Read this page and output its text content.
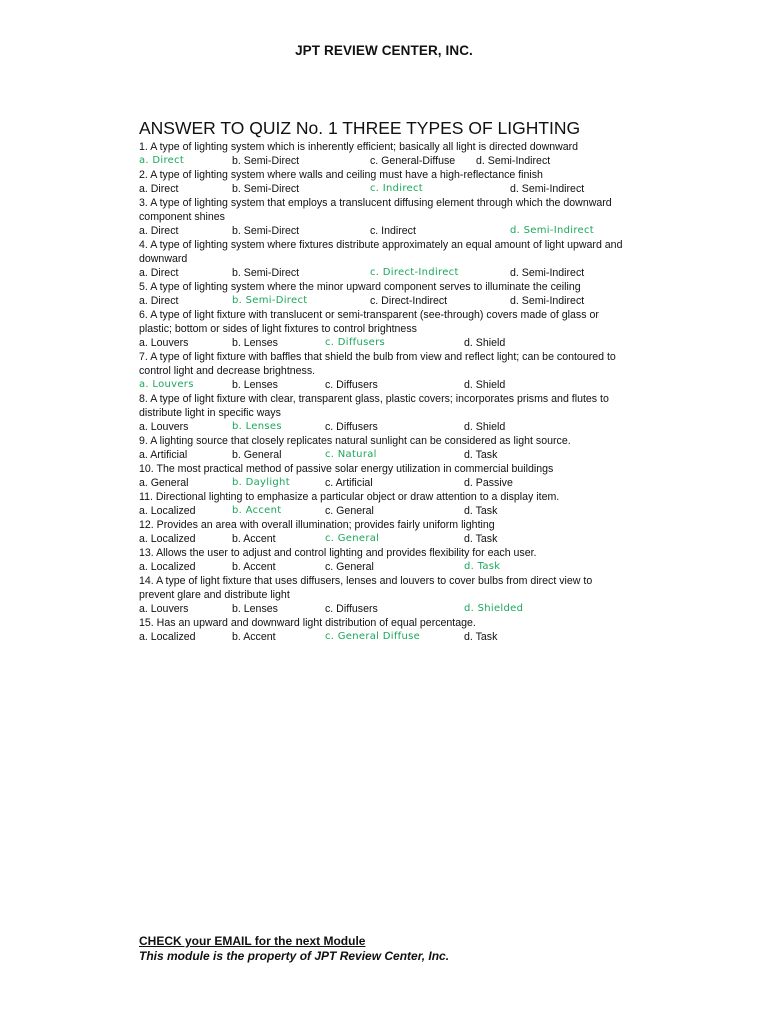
JPT REVIEW CENTER, INC.
ANSWER TO QUIZ No. 1 THREE TYPES OF LIGHTING
1. A type of lighting system which is inherently efficient; basically all light is directed downward
a. Direct	b. Semi-Direct	c. General-Diffuse d. Semi-Indirect
2. A type of lighting system where walls and ceiling must have a high-reflectance finish
a. Direct	b. Semi-Direct	c. Indirect	d. Semi-Indirect
3. A type of lighting system that employs a translucent diffusing element through which the downward component shines
a. Direct	b. Semi-Direct	c. Indirect	d. Semi-Indirect
4. A type of lighting system where fixtures distribute approximately an equal amount of light upward and downward
a. Direct	b. Semi-Direct	c. Direct-Indirect	d. Semi-Indirect
5. A type of lighting system where the minor upward component serves to illuminate the ceiling
a. Direct	b. Semi-Direct	c. Direct-Indirect	d. Semi-Indirect
6. A type of light fixture with translucent or semi-transparent (see-through) covers made of glass or plastic; bottom or sides of light fixtures to control brightness
a. Louvers	b. Lenses	c. Diffusers	d. Shield
7. A type of light fixture with baffles that shield the bulb from view and reflect light; can be contoured to control light and decrease brightness.
a. Louvers	b. Lenses	c. Diffusers	d. Shield
8. A type of light fixture with clear, transparent glass, plastic covers; incorporates prisms and flutes to distribute light in specific ways
a. Louvers	b. Lenses	c. Diffusers	d. Shield
9. A lighting source that closely replicates natural sunlight can be considered as light source.
a. Artificial	b. General	c. Natural	d. Task
10. The most practical method of passive solar energy utilization in commercial buildings
a. General	b. Daylight	c. Artificial	d. Passive
11. Directional lighting to emphasize a particular object or draw attention to a display item.
a. Localized	b. Accent	c. General	d. Task
12. Provides an area with overall illumination; provides fairly uniform lighting
a. Localized	b. Accent	c. General	d. Task
13. Allows the user to adjust and control lighting and provides flexibility for each user.
a. Localized	b. Accent	c. General	d. Task
14. A type of light fixture that uses diffusers, lenses and louvers to cover bulbs from direct view to prevent glare and distribute light
a. Louvers	b. Lenses	c. Diffusers	d. Shielded
15. Has an upward and downward light distribution of equal percentage.
a. Localized	b. Accent	c. General Diffuse	d. Task
CHECK your EMAIL for the next Module
This module is the property of JPT Review Center, Inc.
